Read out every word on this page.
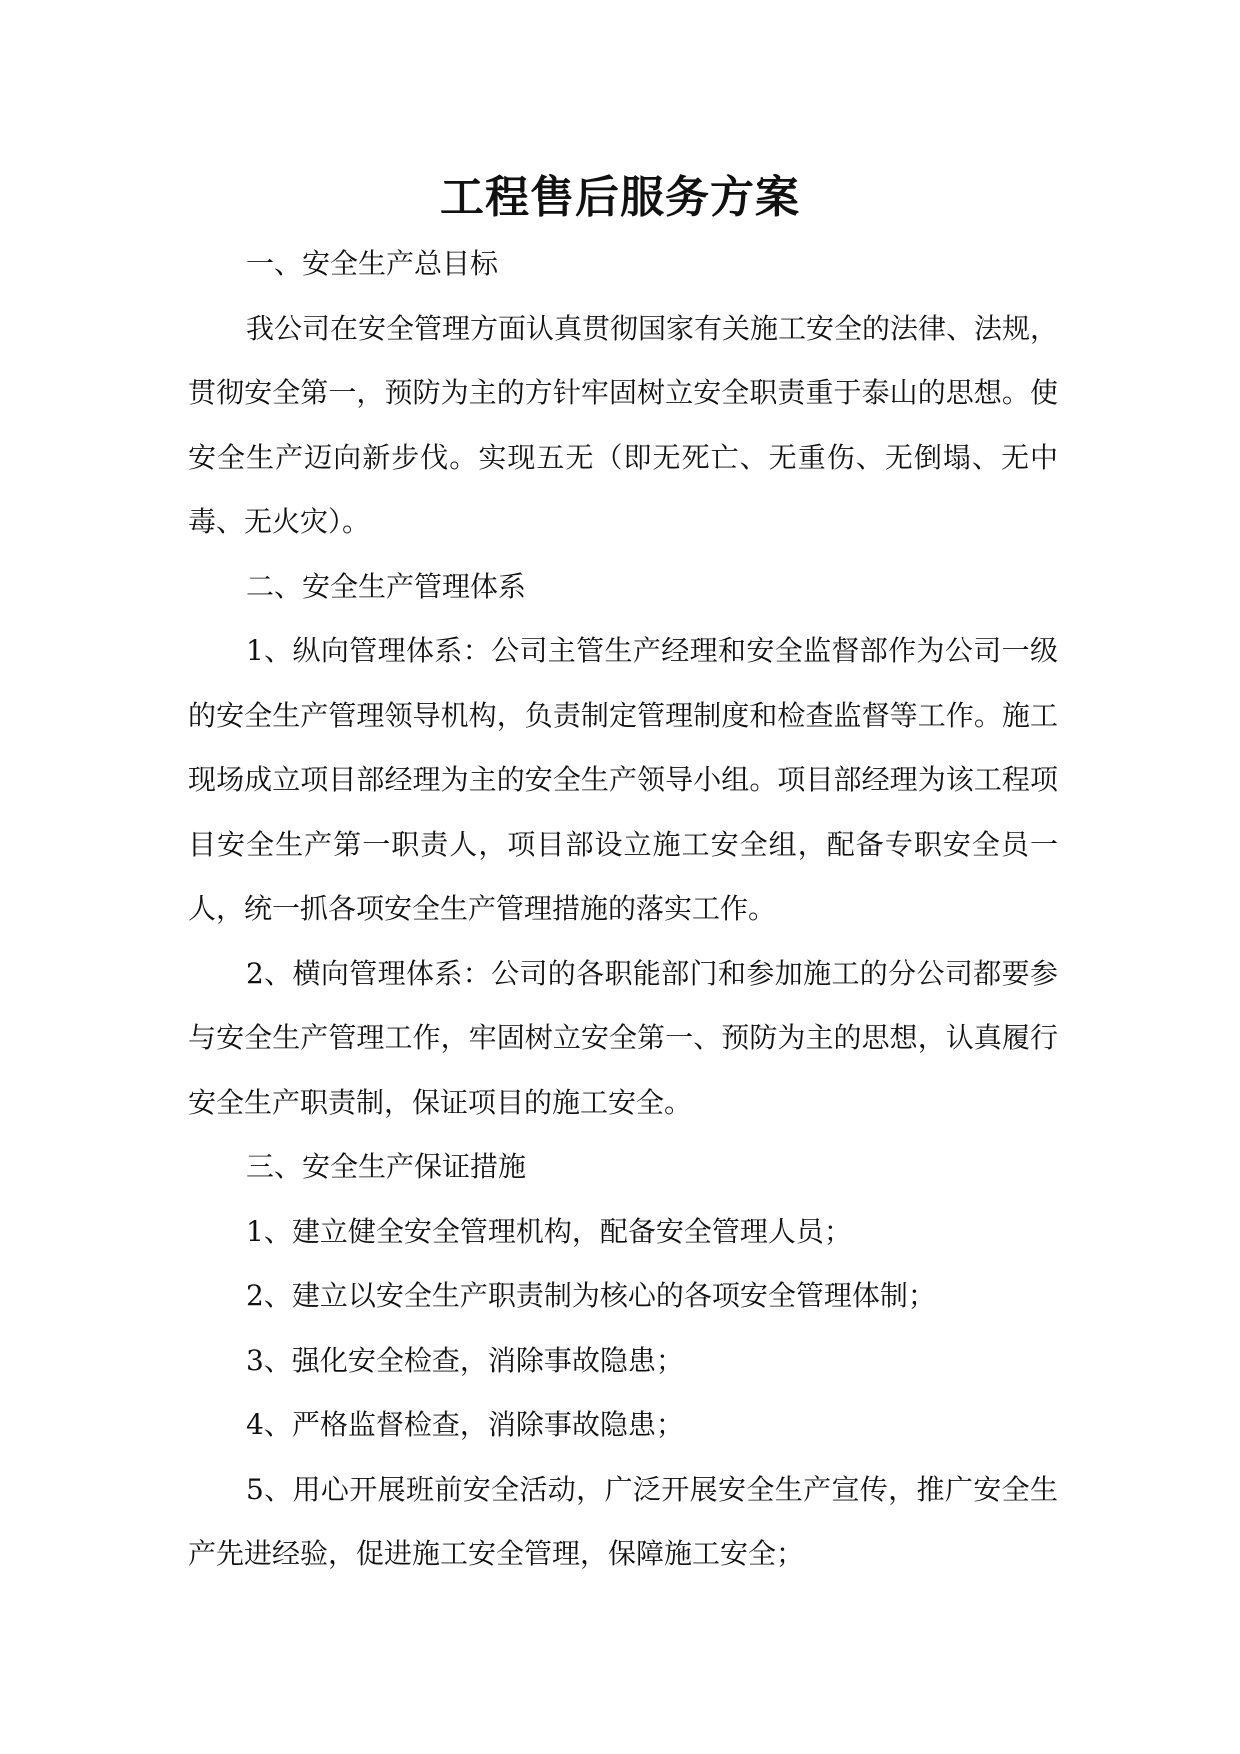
工程售后服务方案

一、安全生产总目标

我公司在安全管理方面认真贯彻国家有关施工安全的法律、法规，贯彻安全第一，预防为主的方针牢固树立安全职责重于泰山的思想。使安全生产迈向新步伐。实现五无（即无死亡、无重伤、无倒塌、无中毒、无火灾）。

二、安全生产管理体系

1、纵向管理体系：公司主管生产经理和安全监督部作为公司一级的安全生产管理领导机构，负责制定管理制度和检查监督等工作。施工现场成立项目部经理为主的安全生产领导小组。项目部经理为该工程项目安全生产第一职责人，项目部设立施工安全组，配备专职安全员一人，统一抓各项安全生产管理措施的落实工作。

2、横向管理体系：公司的各职能部门和参加施工的分公司都要参与安全生产管理工作，牢固树立安全第一、预防为主的思想，认真履行安全生产职责制，保证项目的施工安全。

三、安全生产保证措施

1、建立健全安全管理机构，配备安全管理人员；

2、建立以安全生产职责制为核心的各项安全管理体制；

3、强化安全检查，消除事故隐患；

4、严格监督检查，消除事故隐患；

5、用心开展班前安全活动，广泛开展安全生产宣传，推广安全生产先进经验，促进施工安全管理，保障施工安全；
